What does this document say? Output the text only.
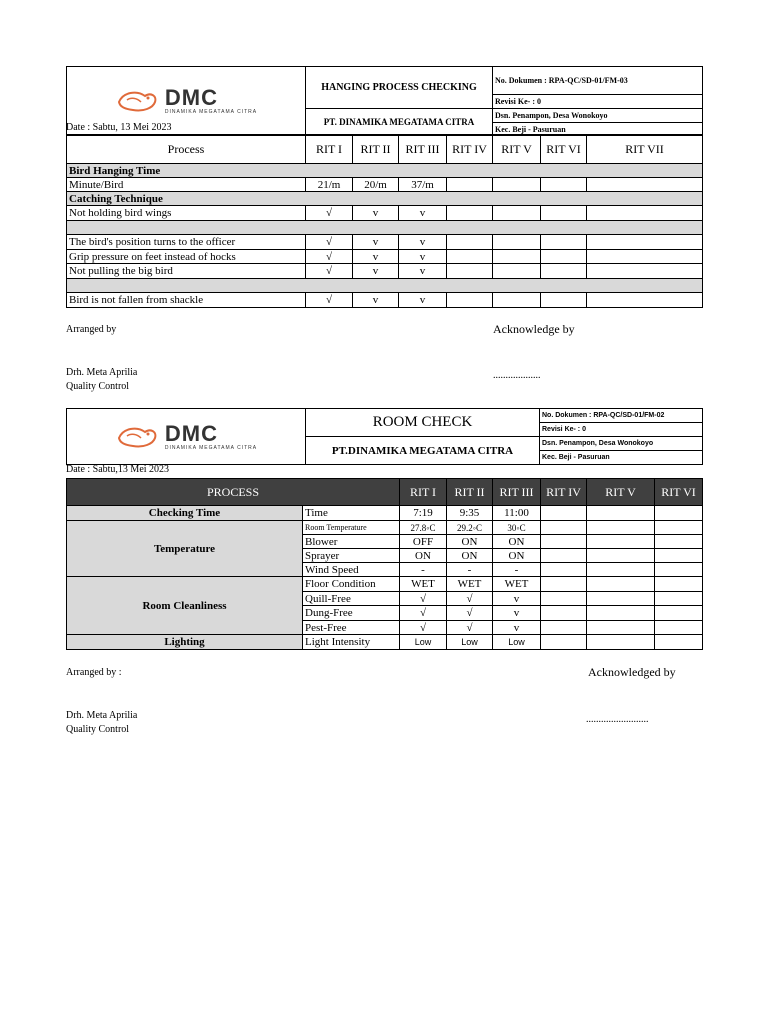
DMC
DINAMIKA MEGATAMA CITRA	HANGING PROCESS CHECKING	No. Dokumen : RPA-QC/SD-01/FM-03
		Revisi Ke- : 0
	PT. DINAMIKA MEGATAMA CITRA	Dsn. Penampon, Desa Wonokoyo
		Kec. Beji - Pasuruan
Date : Sabtu, 13 Mei 2023
Process	RIT I	RIT II	RIT III	RIT IV	RIT V	RIT VI	RIT VII
Bird Hanging Time							
Minute/Bird	21/m	20/m	37/m				
Catching Technique							
Not holding bird wings	√	v	v				

The bird's position turns to the officer	√	v	v				
Grip pressure on feet instead of hocks	√	v	v				
Not pulling the big bird	√	v	v				

Bird is not fallen from shackle	√	v	v				
Arranged by	Acknowledge by
Drh. Meta Aprilia
Quality Control
...................
DMC
DINAMIKA MEGATAMA CITRA	ROOM CHECK	No. Dokumen : RPA-QC/SD-01/FM-02
		Revisi Ke- : 0
	PT.DINAMIKA MEGATAMA CITRA	Dsn. Penampon, Desa Wonokoyo
		Kec. Beji - Pasuruan
Date : Sabtu,13 Mei 2023
PROCESS		RIT I	RIT II	RIT III	RIT IV	RIT V	RIT VI
Checking Time	Time	7:19	9:35	11:00			
Temperature	Room Temperature	27.8◦C	29.2◦C	30◦C			
	Blower	OFF	ON	ON			
	Sprayer	ON	ON	ON			
	Wind Speed	-	-	-			
Room Cleanliness	Floor Condition	WET	WET	WET			
	Quill-Free	√	√	v			
	Dung-Free	√	√	v			
	Pest-Free	√	√	v			
Lighting	Light Intensity	Low	Low	Low			
Arranged by :	Acknowledged by
Drh. Meta Aprilia
Quality Control
.........................
